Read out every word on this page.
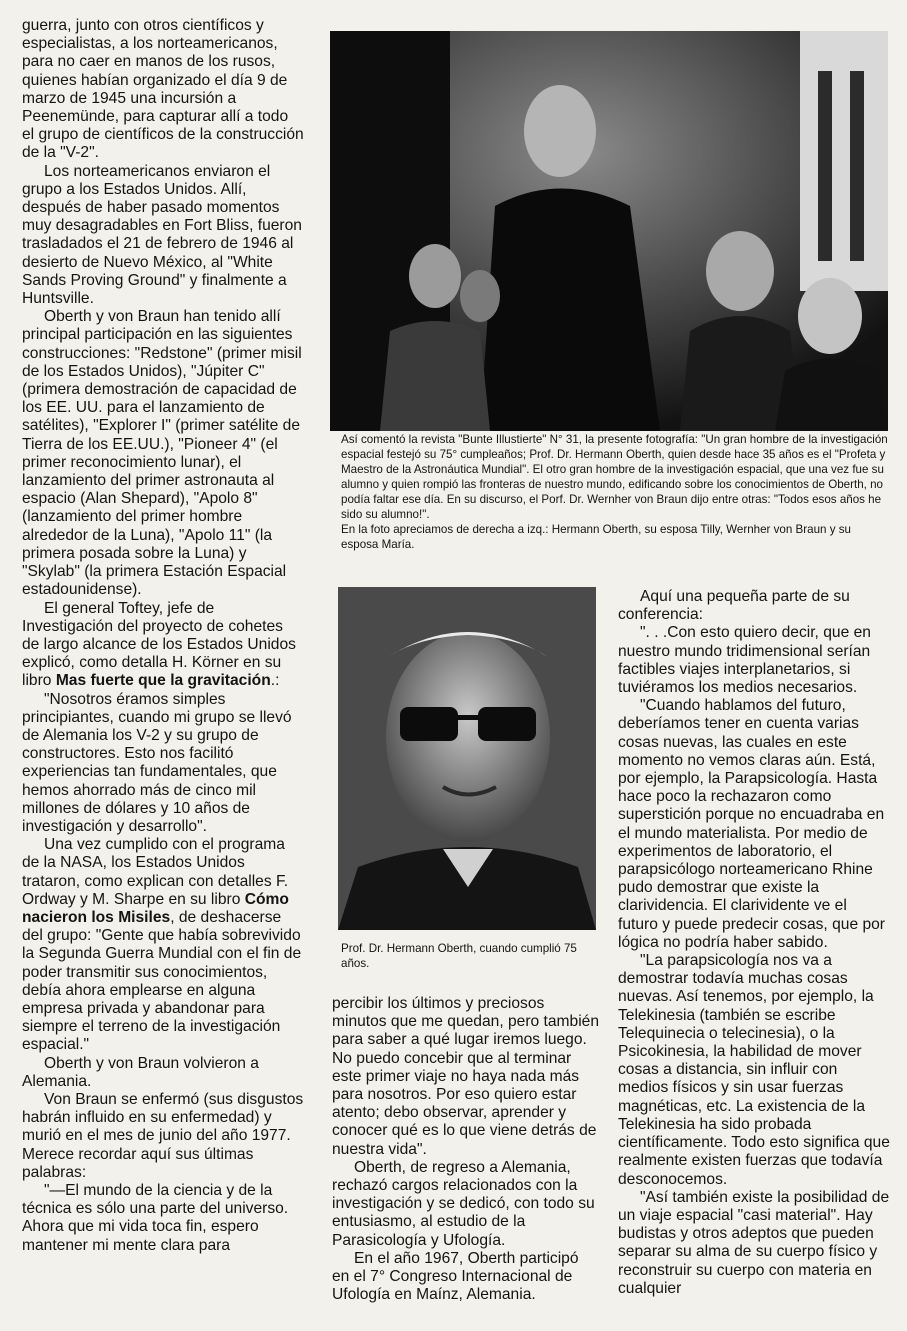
guerra, junto con otros científicos y especialistas, a los norteamericanos, para no caer en manos de los rusos, quienes habían organizado el día 9 de marzo de 1945 una incursión a Peenemünde, para capturar allí a todo el grupo de científicos de la construcción de la "V-2".

Los norteamericanos enviaron el grupo a los Estados Unidos. Allí, después de haber pasado momentos muy desagradables en Fort Bliss, fueron trasladados el 21 de febrero de 1946 al desierto de Nuevo México, al "White Sands Proving Ground" y finalmente a Huntsville.

Oberth y von Braun han tenido allí principal participación en las siguientes construcciones: "Redstone" (primer misil de los Estados Unidos), "Júpiter C" (primera demostración de capacidad de los EE. UU. para el lanzamiento de satélites), "Explorer I" (primer satélite de Tierra de los EE.UU.), "Pioneer 4" (el primer reconocimiento lunar), el lanzamiento del primer astronauta al espacio (Alan Shepard), "Apolo 8" (lanzamiento del primer hombre alrededor de la Luna), "Apolo 11" (la primera posada sobre la Luna) y "Skylab" (la primera Estación Espacial estadounidense).

El general Toftey, jefe de Investigación del proyecto de cohetes de largo alcance de los Estados Unidos explicó, como detalla H. Körner en su libro Mas fuerte que la gravitación.:

"Nosotros éramos simples principiantes, cuando mi grupo se llevó de Alemania los V-2 y su grupo de constructores. Esto nos facilitó experiencias tan fundamentales, que hemos ahorrado más de cinco mil millones de dólares y 10 años de investigación y desarrollo".

Una vez cumplido con el programa de la NASA, los Estados Unidos trataron, como explican con detalles F. Ordway y M. Sharpe en su libro Cómo nacieron los Misiles, de deshacerse del grupo: "Gente que había sobrevivido la Segunda Guerra Mundial con el fin de poder transmitir sus conocimientos, debía ahora emplearse en alguna empresa privada y abandonar para siempre el terreno de la investigación espacial."

Oberth y von Braun volvieron a Alemania.

Von Braun se enfermó (sus disgustos habrán influido en su enfermedad) y murió en el mes de junio del año 1977. Merece recordar aquí sus últimas palabras:

"—El mundo de la ciencia y de la técnica es sólo una parte del universo. Ahora que mi vida toca fin, espero mantener mi mente clara para

Así comentó la revista "Bunte Illustierte" N° 31, la presente fotografía: "Un gran hombre de la investigación espacial festejó su 75° cumpleaños; Prof. Dr. Hermann Oberth, quien desde hace 35 años es el "Profeta y Maestro de la Astronáutica Mundial". El otro gran hombre de la investigación espacial, que una vez fue su alumno y quien rompió las fronteras de nuestro mundo, edificando sobre los conocimientos de Oberth, no podía faltar ese día. En su discurso, el Porf. Dr. Wernher von Braun dijo entre otras: "Todos esos años he sido su alumno!".

En la foto apreciamos de derecha a izq.: Hermann Oberth, su esposa Tilly, Wernher von Braun y su esposa María.

Prof. Dr. Hermann Oberth, cuando cumplió 75 años.

percibir los últimos y preciosos minutos que me quedan, pero también para saber a qué lugar iremos luego. No puedo concebir que al terminar este primer viaje no haya nada más para nosotros. Por eso quiero estar atento; debo observar, aprender y conocer qué es lo que viene detrás de nuestra vida".

Oberth, de regreso a Alemania, rechazó cargos relacionados con la investigación y se dedicó, con todo su entusiasmo, al estudio de la Parasicología y Ufología.

En el año 1967, Oberth participó en el 7° Congreso Internacional de Ufología en Maínz, Alemania.

Aquí una pequeña parte de su conferencia:

". . .Con esto quiero decir, que en nuestro mundo tridimensional serían factibles viajes interplanetarios, si tuviéramos los medios necesarios.

"Cuando hablamos del futuro, deberíamos tener en cuenta varias cosas nuevas, las cuales en este momento no vemos claras aún. Está, por ejemplo, la Parapsicología. Hasta hace poco la rechazaron como superstición porque no encuadraba en el mundo materialista. Por medio de experimentos de laboratorio, el parapsicólogo norteamericano Rhine pudo demostrar que existe la clarividencia. El clarividente ve el futuro y puede predecir cosas, que por lógica no podría haber sabido.

"La parapsicología nos va a demostrar todavía muchas cosas nuevas. Así tenemos, por ejemplo, la Telekinesia (también se escribe Telequinecia o telecinesia), o la Psicokinesia, la habilidad de mover cosas a distancia, sin influir con medios físicos y sin usar fuerzas magnéticas, etc. La existencia de la Telekinesia ha sido probada científicamente. Todo esto significa que realmente existen fuerzas que todavía desconocemos.

"Así también existe la posibilidad de un viaje espacial "casi material". Hay budistas y otros adeptos que pueden separar su alma de su cuerpo físico y reconstruir su cuerpo con materia en cualquier
